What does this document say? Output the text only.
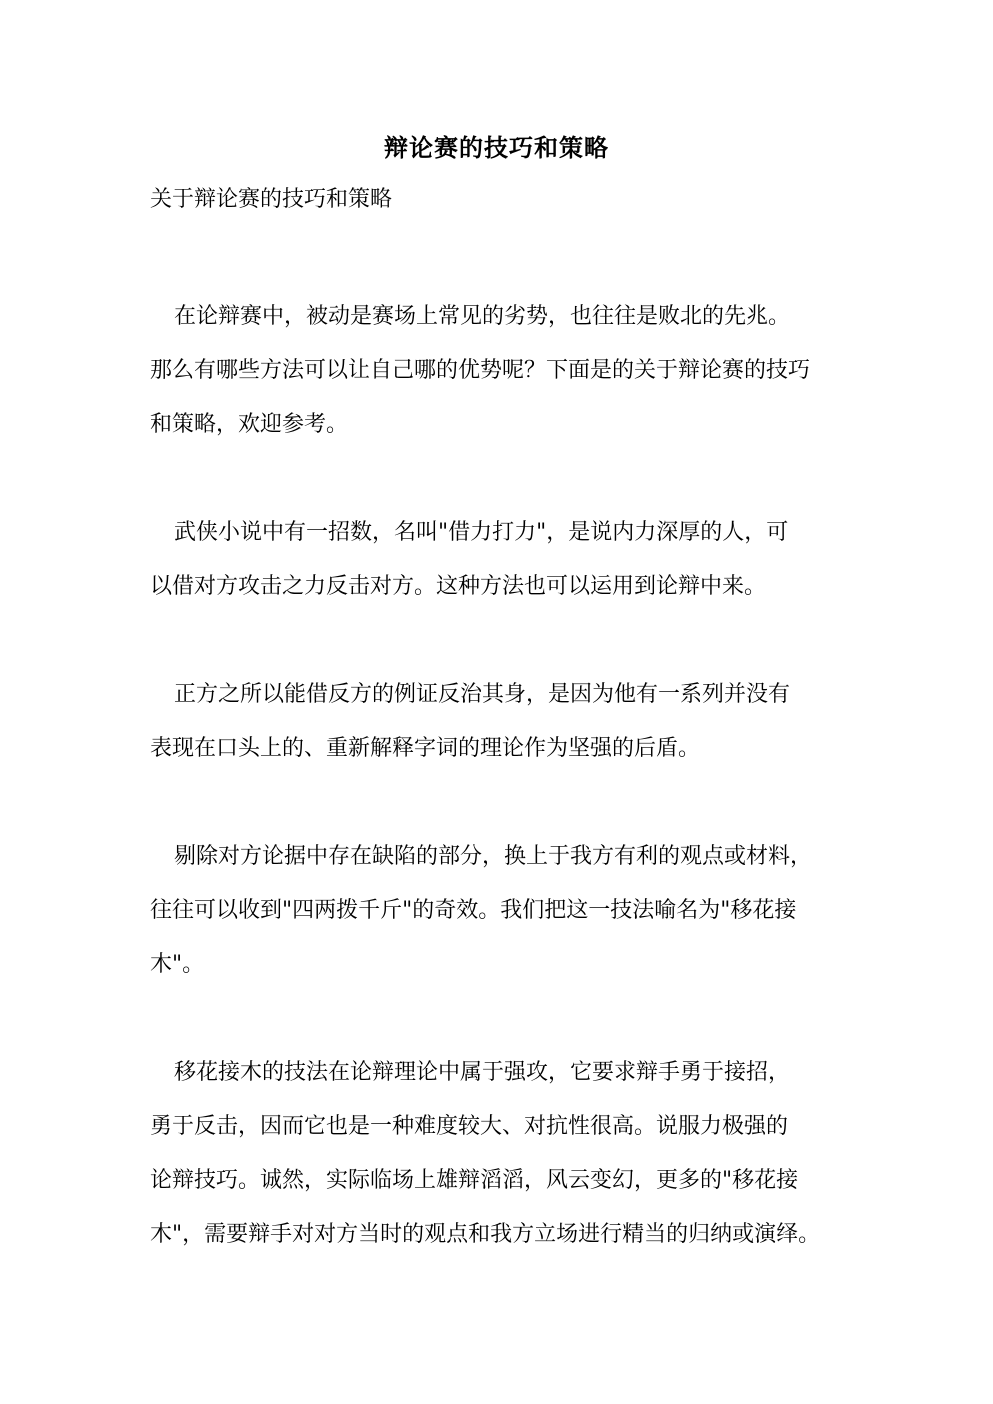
辩论赛的技巧和策略
关于辩论赛的技巧和策略
在论辩赛中，被动是赛场上常见的劣势，也往往是败北的先兆。
那么有哪些方法可以让自己哪的优势呢？下面是的关于辩论赛的技巧
和策略，欢迎参考。
武侠小说中有一招数，名叫"借力打力"，是说内力深厚的人，可
以借对方攻击之力反击对方。这种方法也可以运用到论辩中来。
正方之所以能借反方的例证反治其身，是因为他有一系列并没有
表现在口头上的、重新解释字词的理论作为坚强的后盾。
剔除对方论据中存在缺陷的部分，换上于我方有利的观点或材料，
往往可以收到"四两拨千斤"的奇效。我们把这一技法喻名为"移花接
木"。
移花接木的技法在论辩理论中属于强攻，它要求辩手勇于接招，
勇于反击，因而它也是一种难度较大、对抗性很高。说服力极强的
论辩技巧。诚然，实际临场上雄辩滔滔，风云变幻，更多的"移花接
木"，需要辩手对对方当时的观点和我方立场进行精当的归纳或演绎。
